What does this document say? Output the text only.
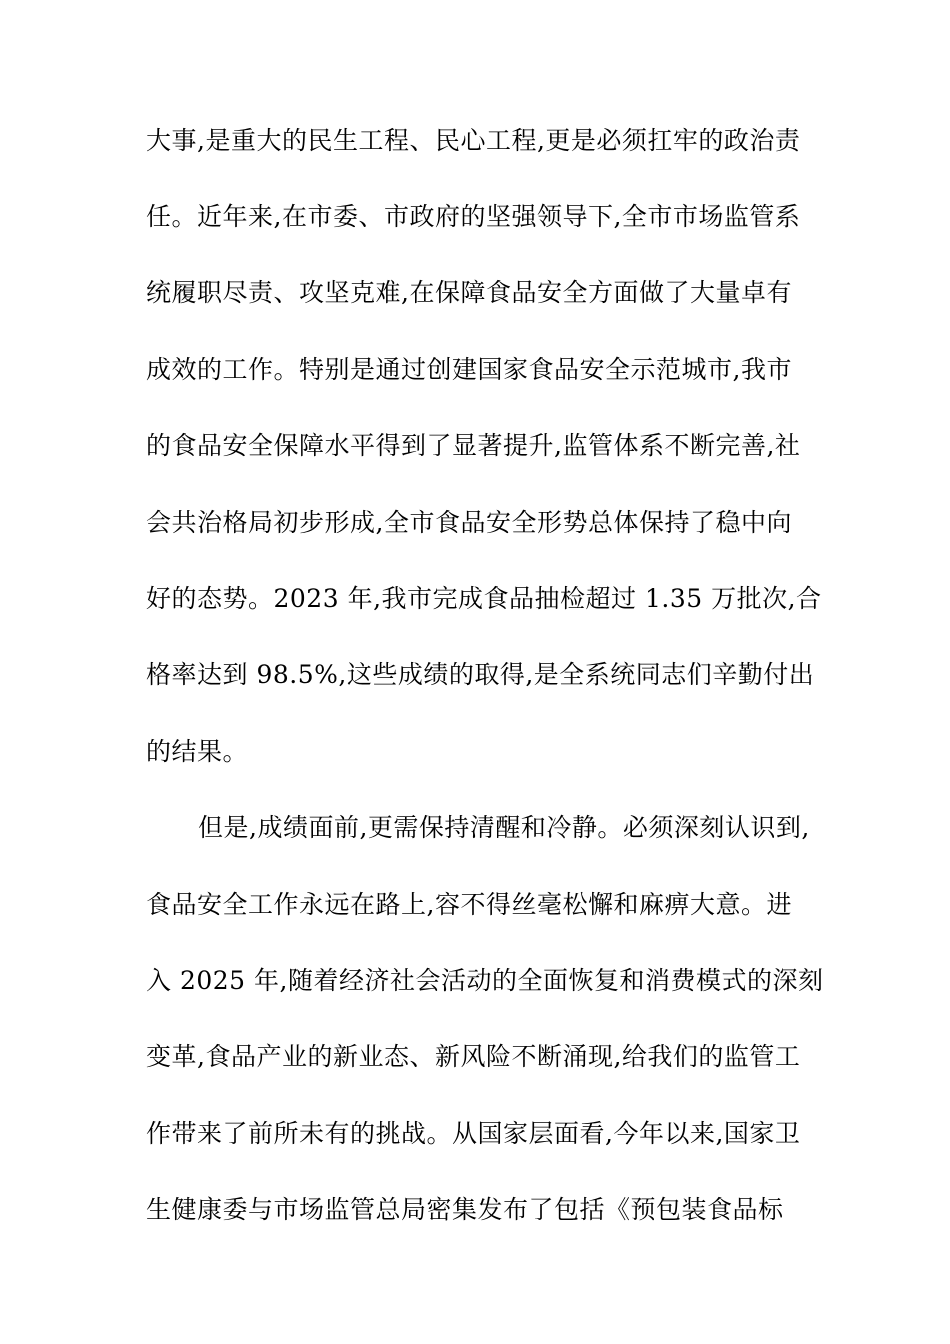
大事,是重大的民生工程、民心工程,更是必须扛牢的政治责
任。近年来,在市委、市政府的坚强领导下,全市市场监管系
统履职尽责、攻坚克难,在保障食品安全方面做了大量卓有
成效的工作。特别是通过创建国家食品安全示范城市,我市
的食品安全保障水平得到了显著提升,监管体系不断完善,社
会共治格局初步形成,全市食品安全形势总体保持了稳中向
好的态势。2023 年,我市完成食品抽检超过 1.35 万批次,合
格率达到 98.5%,这些成绩的取得,是全系统同志们辛勤付出
的结果。
但是,成绩面前,更需保持清醒和冷静。必须深刻认识到,
食品安全工作永远在路上,容不得丝毫松懈和麻痹大意。进
入 2025 年,随着经济社会活动的全面恢复和消费模式的深刻
变革,食品产业的新业态、新风险不断涌现,给我们的监管工
作带来了前所未有的挑战。从国家层面看,今年以来,国家卫
生健康委与市场监管总局密集发布了包括《预包装食品标
